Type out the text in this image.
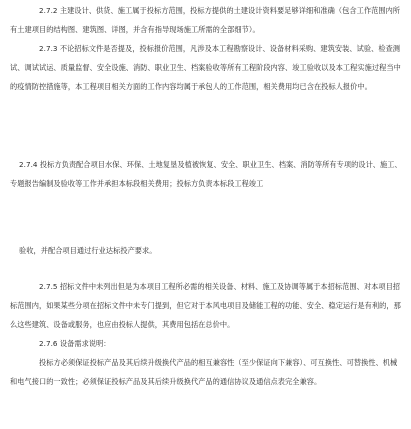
2.7.2 主建设计、供货、施工属于投标方范围，投标方提供的土建设计资料要足够详细和准确（包含工作范围内所有土建项目的结构图、建筑图、详图，并含有指导现场施工所需的全部细节）。

2.7.3 不论招标文件是否提及，投标报价范围，凡涉及本工程勘察设计、设备材料采购、建筑安装、试验、检查测试、调试试运、质量监督、安全设施、消防、职业卫生、档案验收等所有工程阶段内容、竣工验收以及本工程实施过程当中的疫情防控措施等，本工程项目相关方面的工作内容均属于承包人的工作范围，相关费用均已含在投标人报价中。

2.7.4 投标方负责配合项目水保、环保、土地复垦及植被恢复、安全、职业卫生、档案、消防等所有专项的设计、施工、专题报告编制及验收等工作并承担本标段相关费用；投标方负责本标段工程竣工

验收，并配合项目通过行业达标投产要求。

2.7.5 招标文件中未列出但是为本项目工程所必需的相关设备、材料、施工及协调等属于本招标范围、对本项目招标范围内，如果某些分项在招标文件中未专门提到，但它对于本风电项目及储能工程的功能、安全、稳定运行是有利的，那么这些建筑、设备或服务，也应由投标人提供，其费用包括在总价中。

2.7.6 设备需求说明：

投标方必须保证投标产品及其后续升级换代产品的相互兼容性（至少保证向下兼容）、可互换性、可替换性、机械和电气接口的一致性；必须保证投标产品及其后续升级换代产品的通信协议及通信点表完全兼容。
